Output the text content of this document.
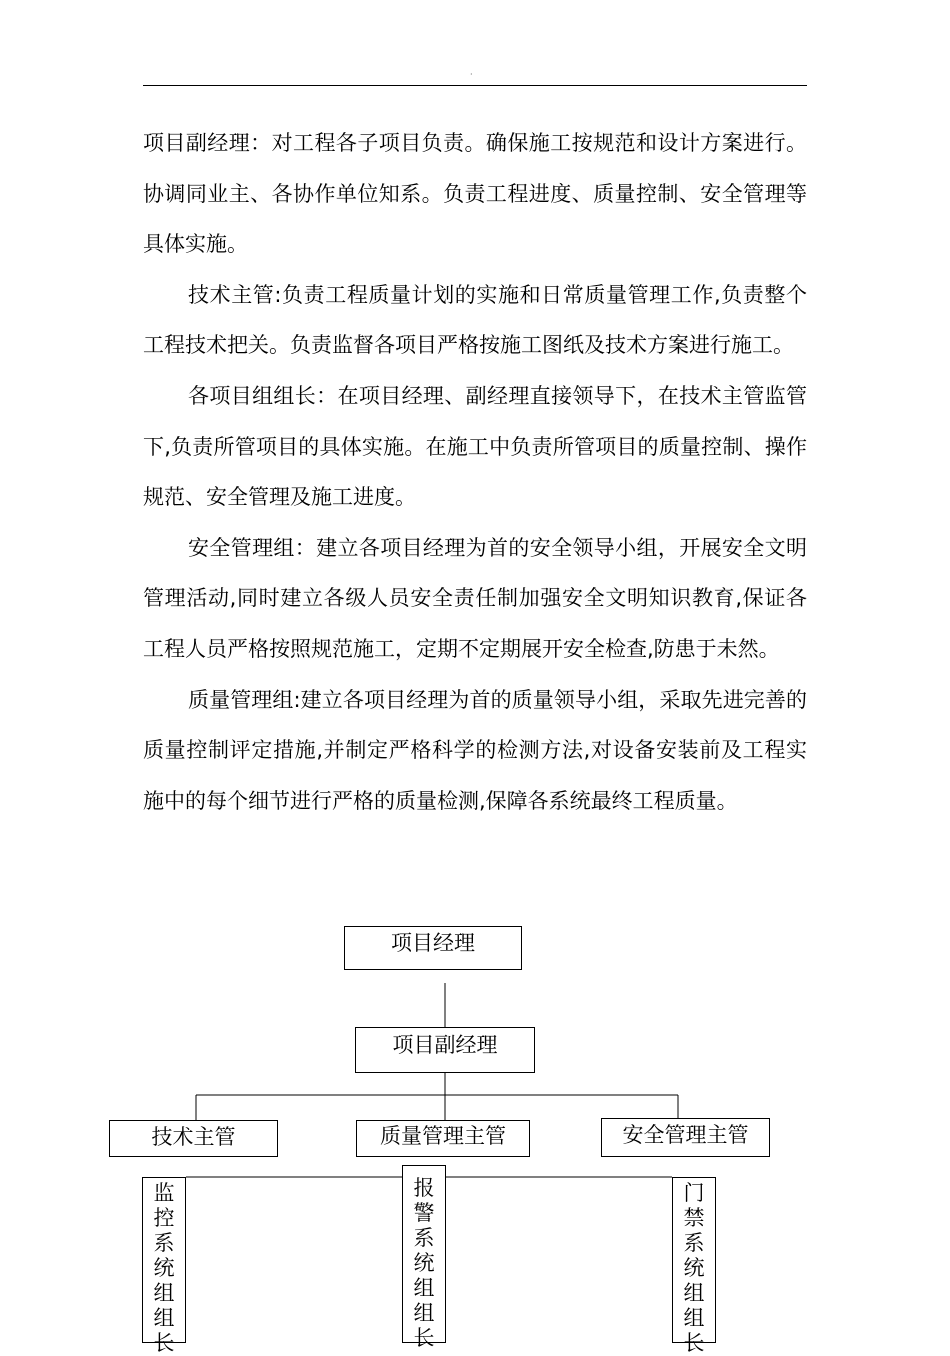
·

项目副经理：对工程各子项目负责。确保施工按规范和设计方案进行。协调同业主、各协作单位知系。负责工程进度、质量控制、安全管理等具体实施。

技术主管:负责工程质量计划的实施和日常质量管理工作,负责整个工程技术把关。负责监督各项目严格按施工图纸及技术方案进行施工。

各项目组组长：在项目经理、副经理直接领导下，在技术主管监管下,负责所管项目的具体实施。在施工中负责所管项目的质量控制、操作规范、安全管理及施工进度。

安全管理组：建立各项目经理为首的安全领导小组，开展安全文明管理活动,同时建立各级人员安全责任制加强安全文明知识教育,保证各工程人员严格按照规范施工，定期不定期展开安全检查,防患于未然。

质量管理组:建立各项目经理为首的质量领导小组，采取先进完善的质量控制评定措施,并制定严格科学的检测方法,对设备安装前及工程实施中的每个细节进行严格的质量检测,保障各系统最终工程质量。

项目经理
项目副经理
技术主管	质量管理主管	安全管理主管
监控系统组组长
报警系统组组长
门禁系统组组长
